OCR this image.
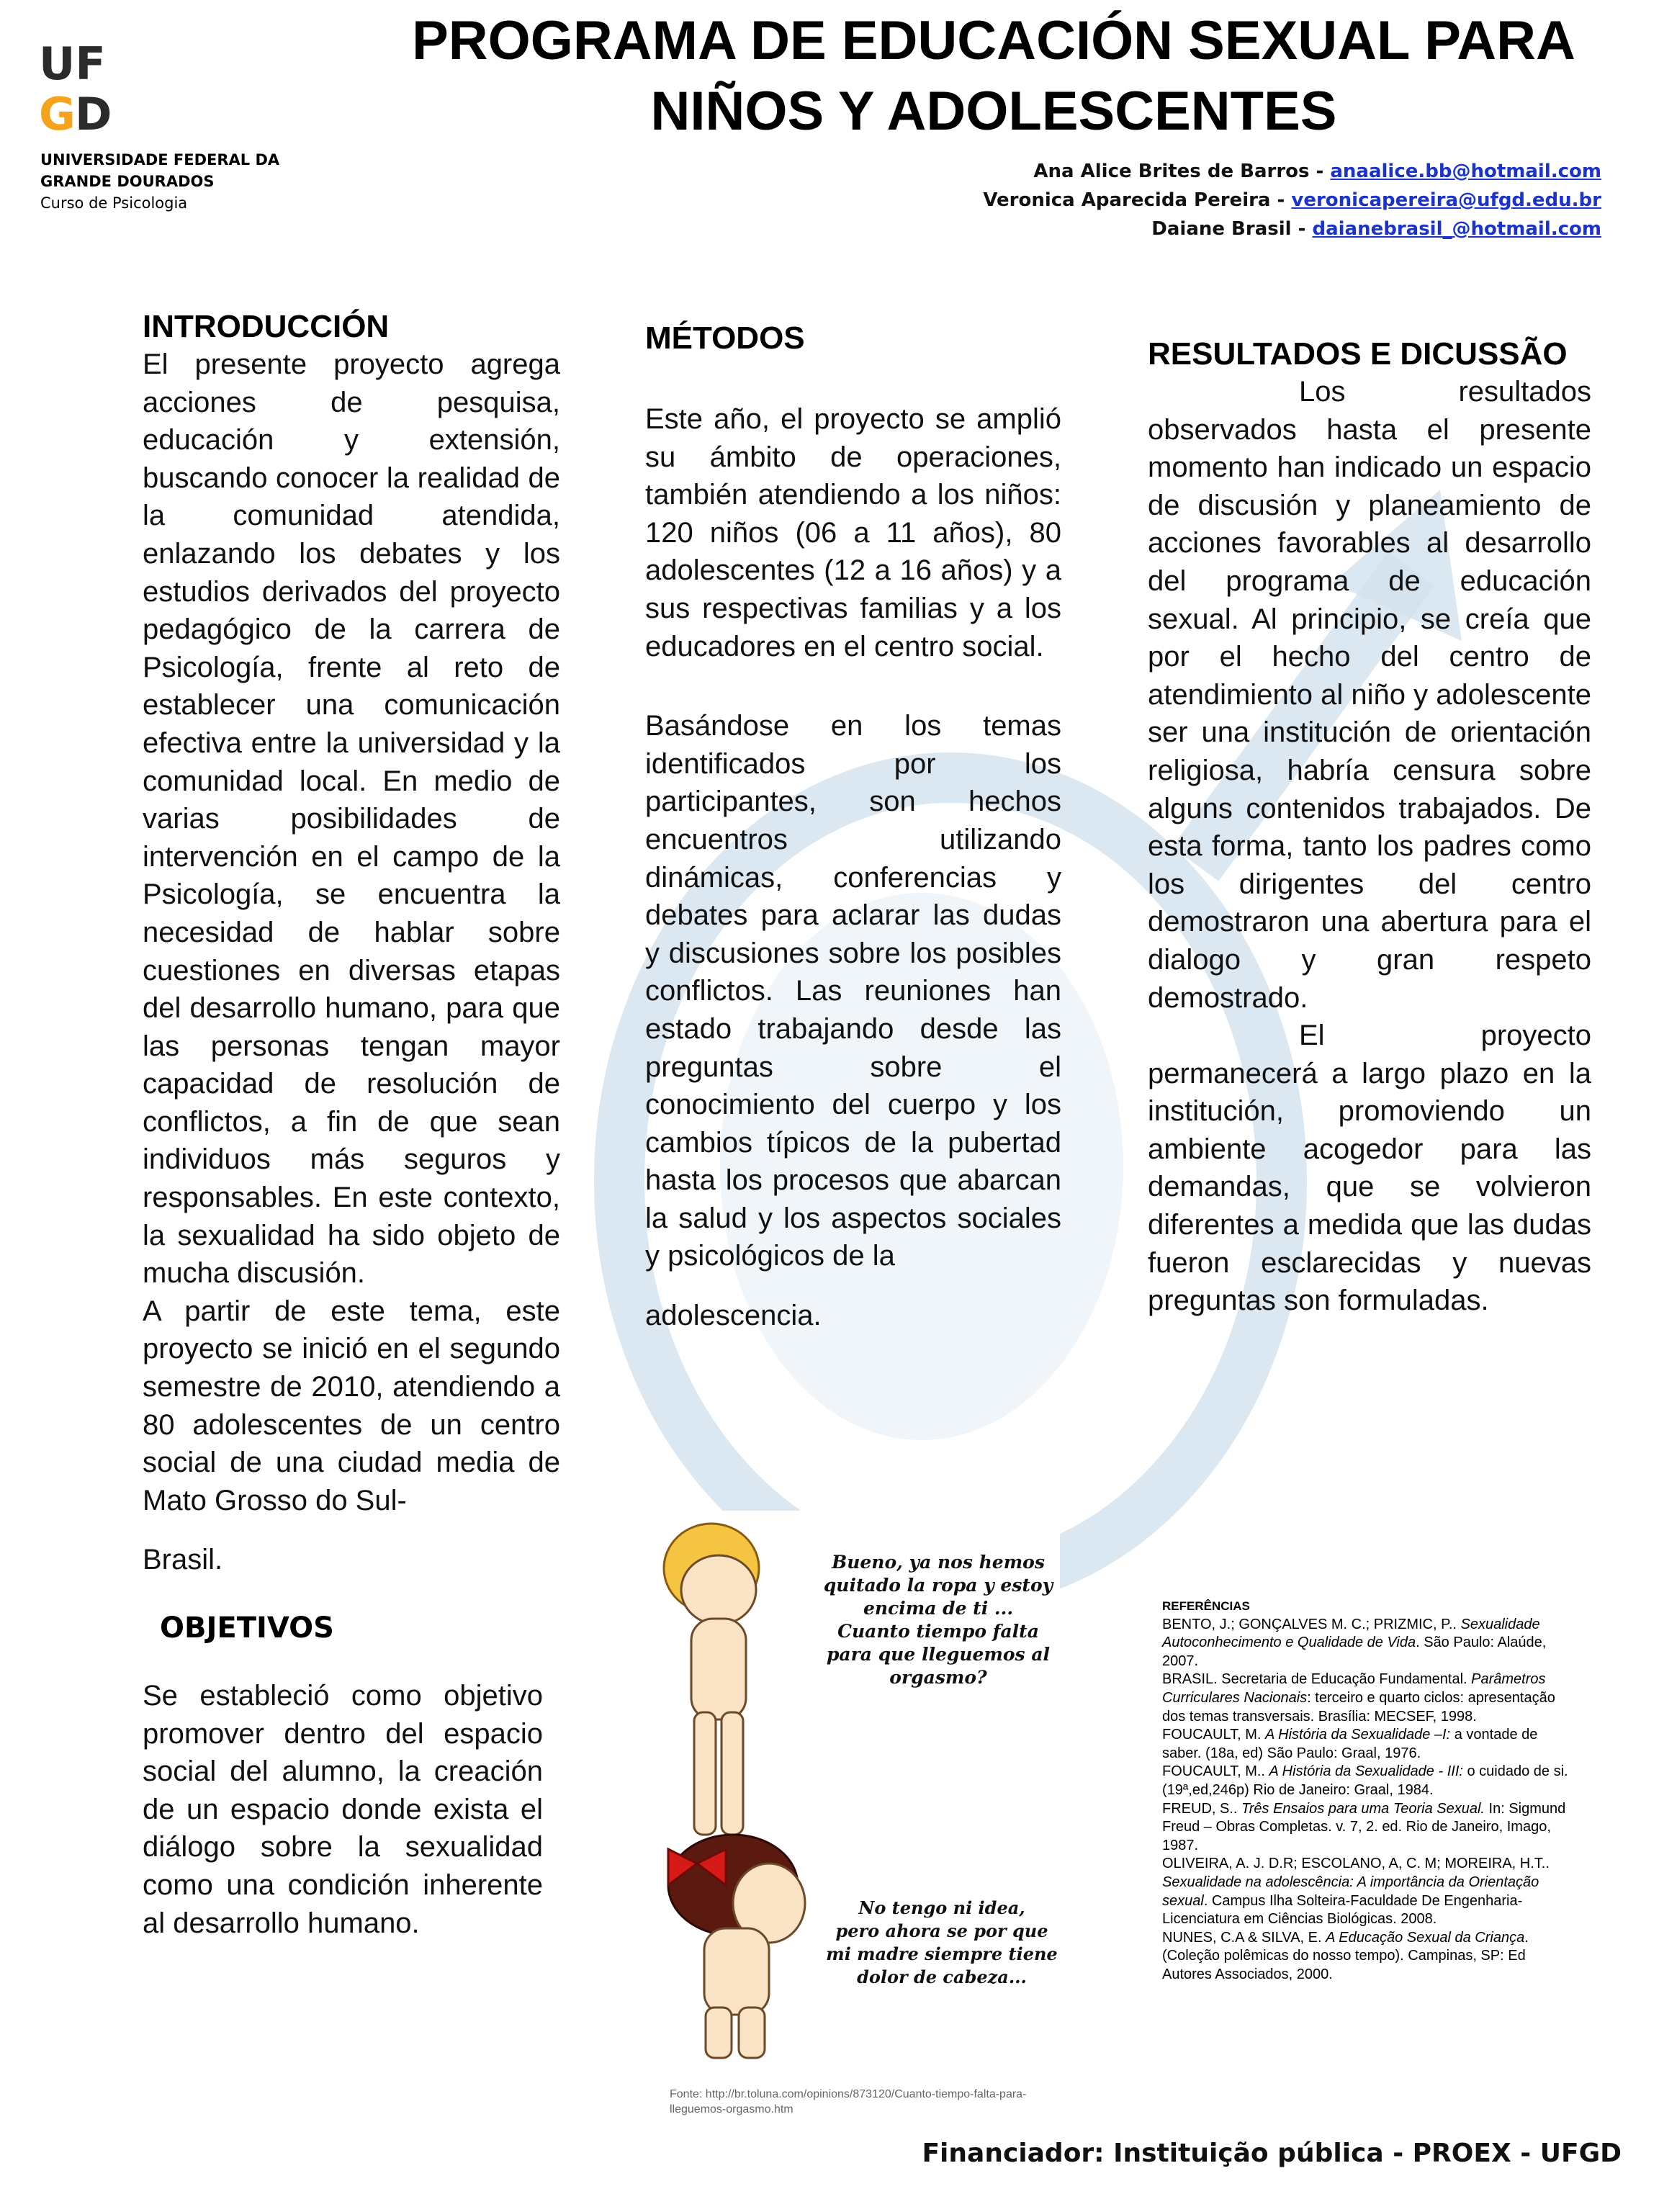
UF
G D
UNIVERSIDADE FEDERAL DA
GRANDE DOURADOS
Curso de Psicologia
PROGRAMA DE EDUCACIÓN SEXUAL PARA
NIÑOS Y ADOLESCENTES
Ana Alice Brites de Barros - anaalice.bb@hotmail.com
Veronica Aparecida Pereira - veronicapereira@ufgd.edu.br
Daiane Brasil - daianebrasil_@hotmail.com
INTRODUCCIÓN
El presente proyecto agrega acciones de pesquisa, educación y extensión, buscando conocer la realidad de la comunidad atendida, enlazando los debates y los estudios derivados del proyecto pedagógico de la carrera de Psicología, frente al reto de establecer una comunicación efectiva entre la universidad y la comunidad local. En medio de varias posibilidades de intervención en el campo de la Psicología, se encuentra la necesidad de hablar sobre cuestiones en diversas etapas del desarrollo humano, para que las personas tengan mayor capacidad de resolución de conflictos, a fin de que sean individuos más seguros y responsables. En este contexto, la sexualidad ha sido objeto de mucha discusión.
A partir de este tema, este proyecto se inició en el segundo semestre de 2010, atendiendo a 80 adolescentes de un centro social de una ciudad media de Mato Grosso do Sul-
Brasil.
OBJETIVOS
Se estableció como objetivo promover dentro del espacio social del alumno, la creación de un espacio donde exista el diálogo sobre la sexualidad como una condición inherente al desarrollo humano.
MÉTODOS
Este año, el proyecto se amplió su ámbito de operaciones, también atendiendo a los niños: 120 niños (06 a 11 años), 80 adolescentes (12 a 16 años) y a sus respectivas familias y a los educadores en el centro social.
Basándose en los temas identificados por los participantes, son hechos encuentros utilizando dinámicas, conferencias y debates para aclarar las dudas y discusiones sobre los posibles conflictos. Las reuniones han estado trabajando desde las preguntas sobre el conocimiento del cuerpo y los cambios típicos de la pubertad hasta los procesos que abarcan la salud y los aspectos sociales y psicológicos de la
adolescencia.
RESULTADOS E DICUSSÃO
Los resultados observados hasta el presente momento han indicado un espacio de discusión y planeamiento de acciones favorables al desarrollo del programa de educación sexual. Al principio, se creía que por el hecho del centro de atendimiento al niño y adolescente ser una institución de orientación religiosa, habría censura sobre alguns contenidos trabajados. De esta forma, tanto los padres como los dirigentes del centro demostraron una abertura para el dialogo y gran respeto demostrado.
El proyecto permanecerá a largo plazo en la institución, promoviendo un ambiente acogedor para las demandas, que se volvieron diferentes a medida que las dudas fueron esclarecidas y nuevas preguntas son formuladas.
Bueno, ya nos hemos
quitado la ropa y estoy
encima de ti ...
Cuanto tiempo falta
para que lleguemos al
orgasmo?
No tengo ni idea,
pero ahora se por que
mi madre siempre tiene
dolor de cabeza...
Fonte: http://br.toluna.com/opinions/873120/Cuanto-tiempo-falta-para-lleguemos-orgasmo.htm

REFERÊNCIAS

BENTO, J.; GONÇALVES M. C.; PRIZMIC, P.. Sexualidade Autoconhecimento e Qualidade de Vida. São Paulo: Alaúde, 2007.

BRASIL. Secretaria de Educação Fundamental. Parâmetros Curriculares Nacionais: terceiro e quarto ciclos: apresentação dos temas transversais. Brasília: MECSEF, 1998.

FOUCAULT, M. A História da Sexualidade –I: a vontade de saber. (18a, ed) São Paulo: Graal, 1976.

FOUCAULT, M.. A História da Sexualidade - III: o cuidado de si. (19ª,ed,246p) Rio de Janeiro: Graal, 1984.

FREUD, S.. Três Ensaios para uma Teoria Sexual. In: Sigmund Freud – Obras Completas. v. 7, 2. ed. Rio de Janeiro, Imago, 1987.

OLIVEIRA, A. J. D.R; ESCOLANO, A, C. M; MOREIRA, H.T.. Sexualidade na adolescência: A importância da Orientação sexual. Campus Ilha Solteira-Faculdade De Engenharia- Licenciatura em Ciências Biológicas. 2008.

NUNES, C.A & SILVA, E. A Educação Sexual da Criança. (Coleção polêmicas do nosso tempo). Campinas, SP: Ed Autores Associados, 2000.

Financiador: Instituição pública - PROEX - UFGD
